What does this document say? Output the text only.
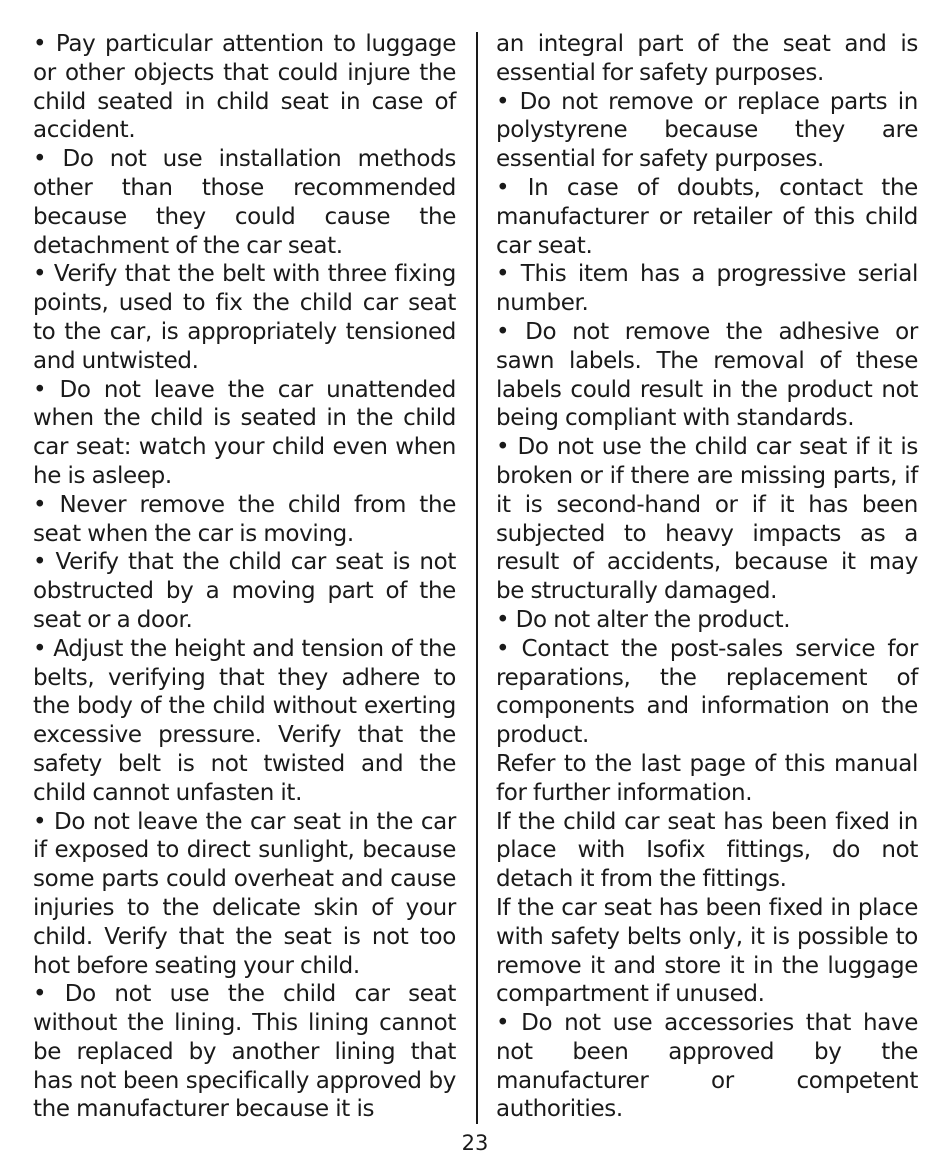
• Pay particular attention to luggage or other objects that could injure the child seated in child seat in case of accident.

• Do not use installation methods other than those recommended because they could cause the detachment of the car seat.

• Verify that the belt with three fixing points, used to fix the child car seat to the car, is appropriately tensioned and untwisted.

• Do not leave the car unattended when the child is seated in the child car seat: watch your child even when he is asleep.

• Never remove the child from the seat when the car is moving.

• Verify that the child car seat is not obstructed by a moving part of the seat or a door.

• Adjust the height and tension of the belts, verifying that they adhere to the body of the child without exerting excessive pressure. Verify that the safety belt is not twisted and the child cannot unfasten it.

• Do not leave the car seat in the car if exposed to direct sunlight, because some parts could overheat and cause injuries to the delicate skin of your child. Verify that the seat is not too hot before seating your child.

• Do not use the child car seat without the lining. This lining cannot be replaced by another lining that has not been specifically approved by the manufacturer because it is

an integral part of the seat and is essential for safety purposes.

• Do not remove or replace parts in polystyrene because they are essential for safety purposes.

• In case of doubts, contact the manufacturer or retailer of this child car seat.

• This item has a progressive serial number.

• Do not remove the adhesive or sawn labels. The removal of these labels could result in the product not being compliant with standards.

• Do not use the child car seat if it is broken or if there are missing parts, if it is second-hand or if it has been subjected to heavy impacts as a result of accidents, because it may be structurally damaged.

• Do not alter the product.

• Contact the post-sales service for reparations, the replacement of components and information on the product.

Refer to the last page of this manual for further information.

If the child car seat has been fixed in place with Isofix fittings, do not detach it from the fittings.

If the car seat has been fixed in place with safety belts only, it is possible to remove it and store it in the luggage compartment if unused.

• Do not use accessories that have not been approved by the manufacturer or competent authorities.

23
